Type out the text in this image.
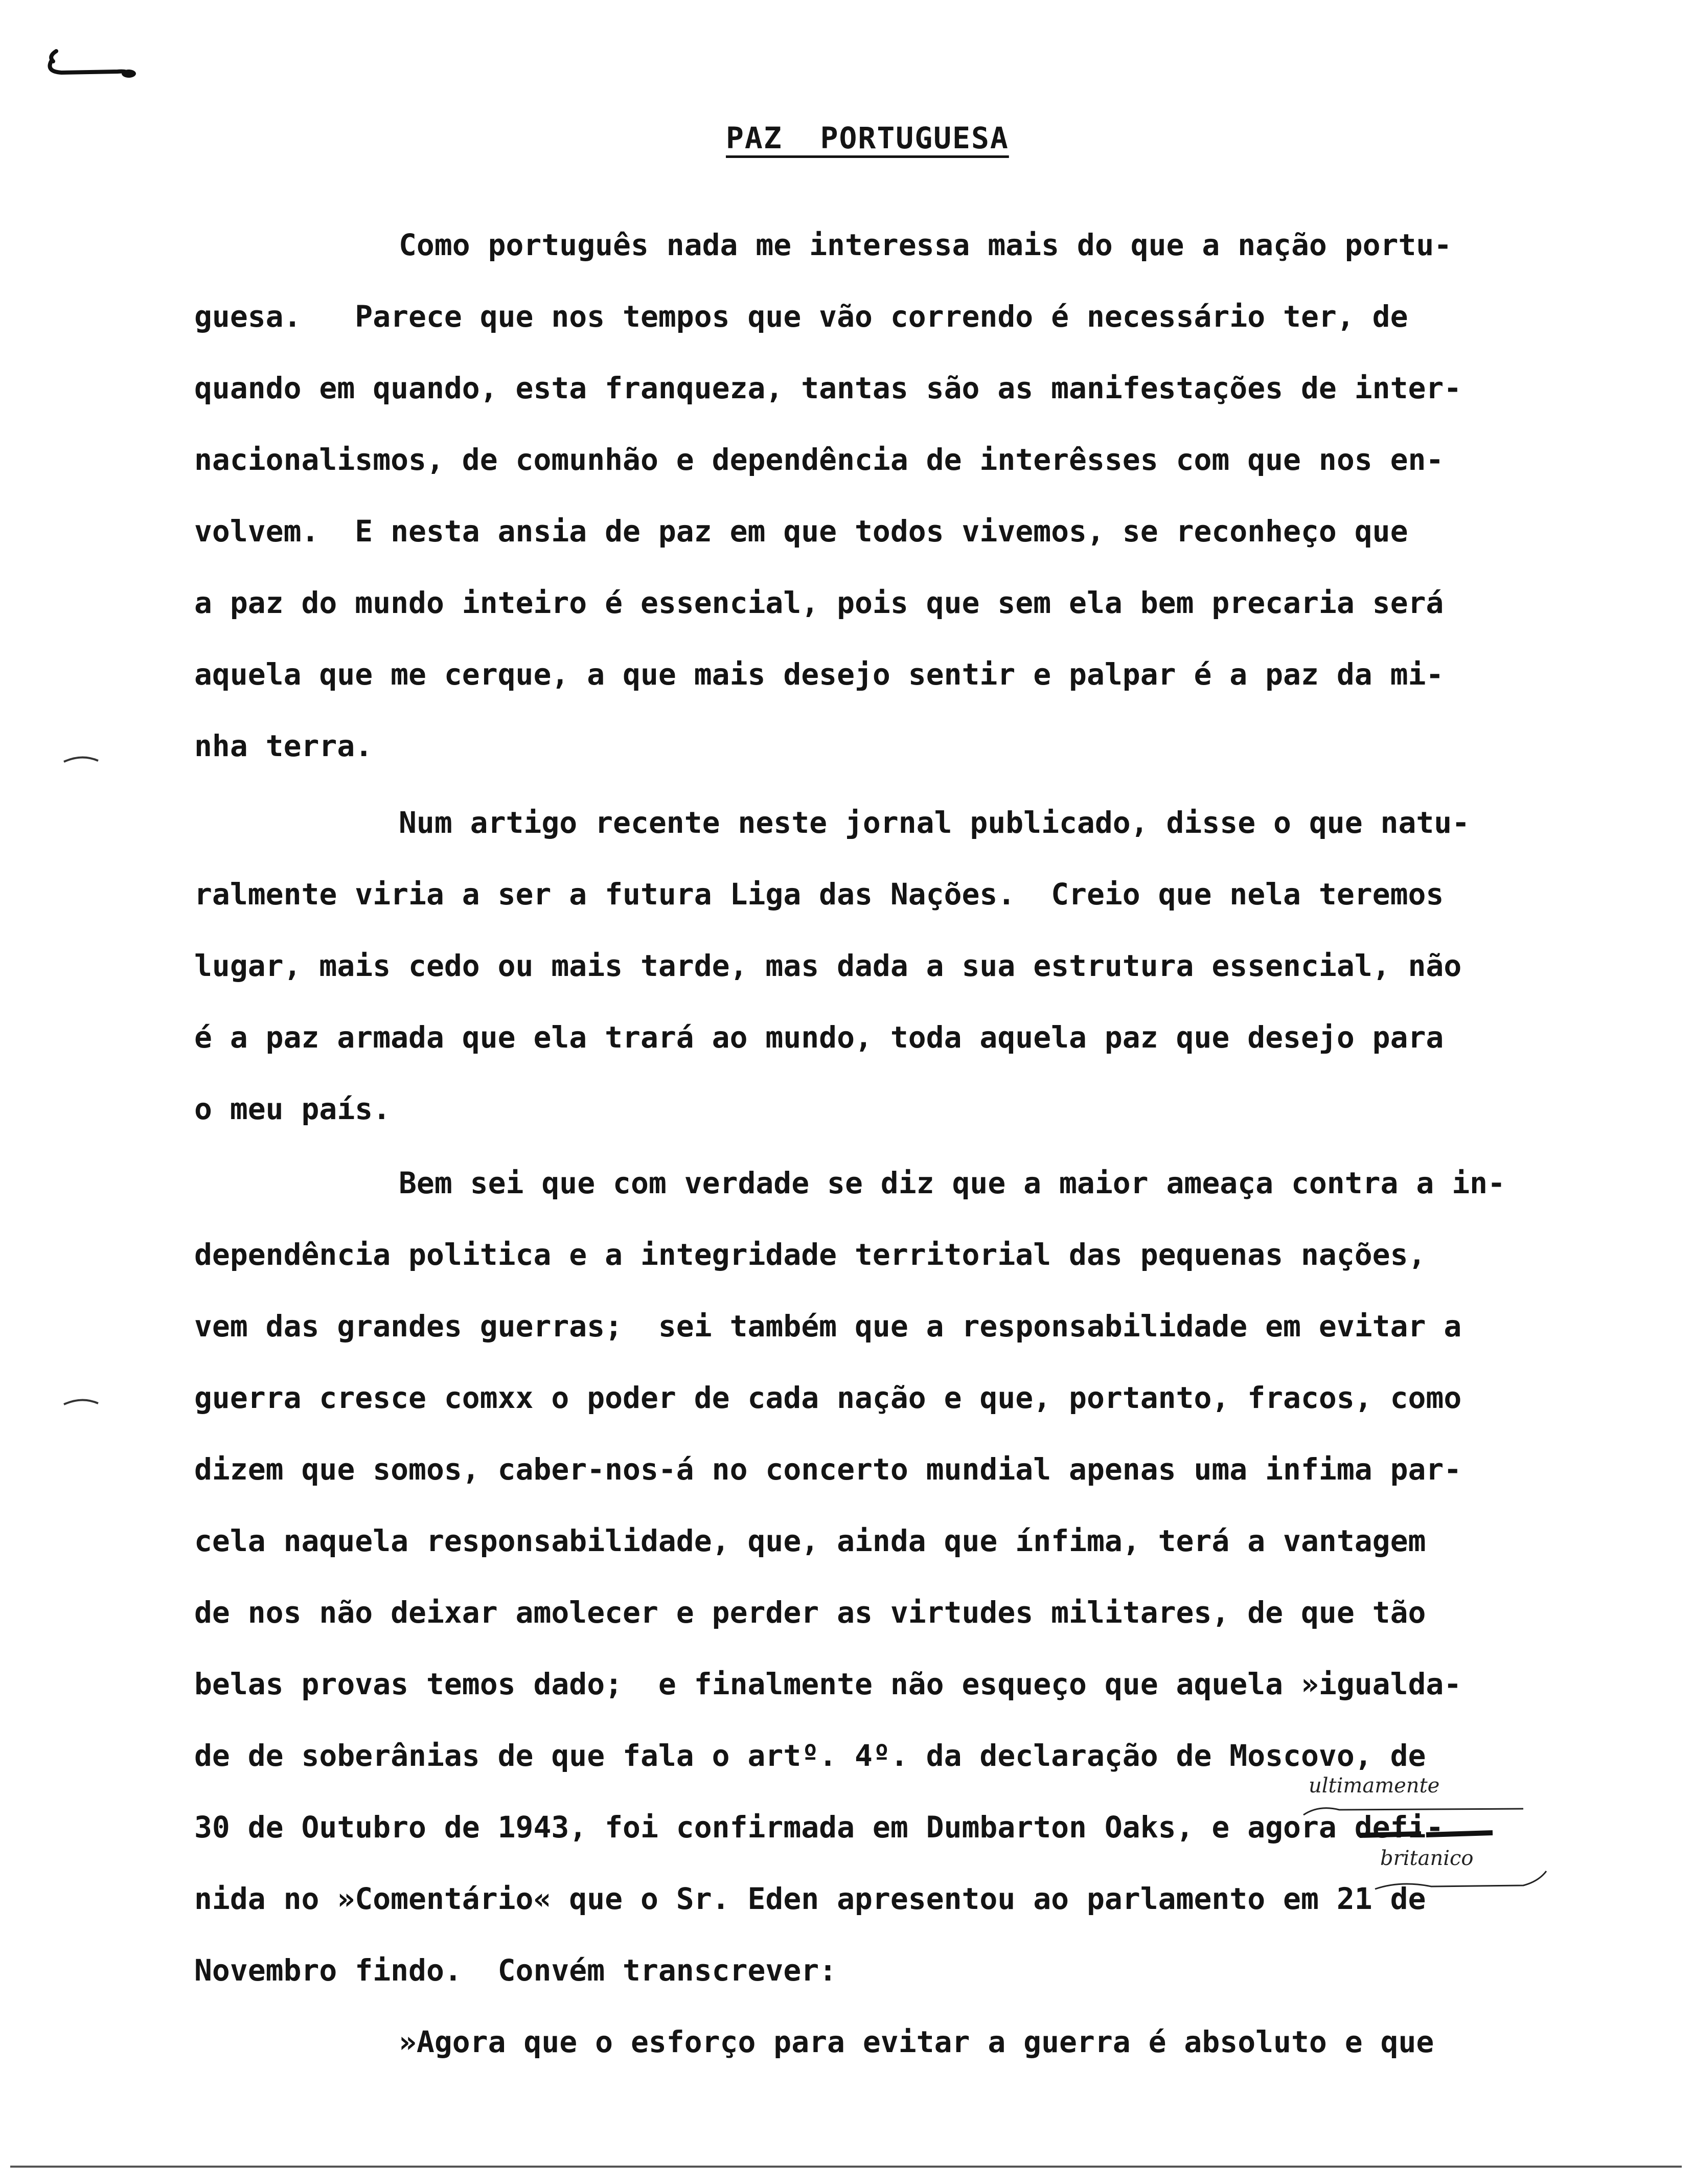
PAZ  PORTUGUESA
Como português nada me interessa mais do que a nação portu-
guesa.   Parece que nos tempos que vão correndo é necessário ter, de
quando em quando, esta franqueza, tantas são as manifestações de inter-
nacionalismos, de comunhão e dependência de interêsses com que nos en-
volvem.  E nesta ansia de paz em que todos vivemos, se reconheço que
a paz do mundo inteiro é essencial, pois que sem ela bem precaria será
aquela que me cerque, a que mais desejo sentir e palpar é a paz da mi-
nha terra.
Num artigo recente neste jornal publicado, disse o que natu-
ralmente viria a ser a futura Liga das Nações.  Creio que nela teremos
lugar, mais cedo ou mais tarde, mas dada a sua estrutura essencial, não
é a paz armada que ela trará ao mundo, toda aquela paz que desejo para
o meu país.
Bem sei que com verdade se diz que a maior ameaça contra a in-
dependência politica e a integridade territorial das pequenas nações,
vem das grandes guerras;  sei também que a responsabilidade em evitar a
guerra cresce comxx o poder de cada nação e que, portanto, fracos, como
dizem que somos, caber-nos-á no concerto mundial apenas uma infima par-
cela naquela responsabilidade, que, ainda que ínfima, terá a vantagem
de nos não deixar amolecer e perder as virtudes militares, de que tão
belas provas temos dado;  e finalmente não esqueço que aquela »igualda-
de de soberânias de que fala o artº. 4º. da declaração de Moscovo, de
30 de Outubro de 1943, foi confirmada em Dumbarton Oaks, e agora defi-
nida no »Comentário« que o Sr. Eden apresentou ao parlamento em 21 de
Novembro findo.  Convém transcrever:
»Agora que o esforço para evitar a guerra é absoluto e que
ultimamente
britanico
